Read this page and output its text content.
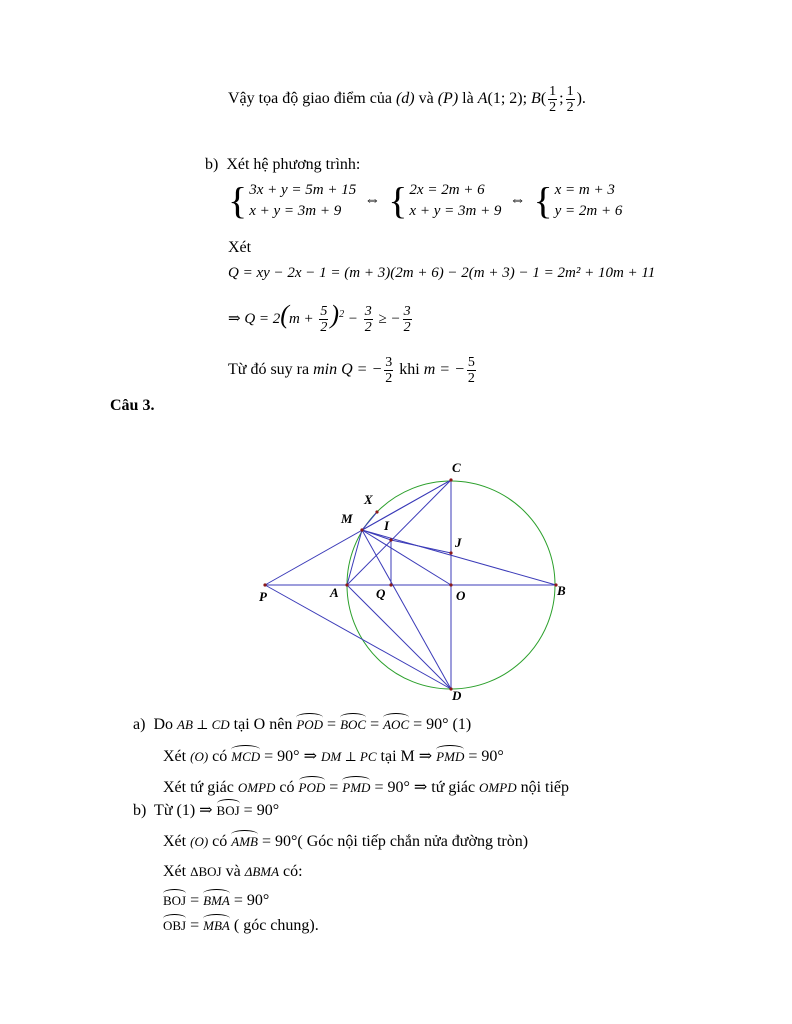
Vậy tọa độ giao điểm của (d) và (P) là A(1; 2); $B( \frac{1}{2}$ ; $\frac{1}{2}$ ).
b) Xét hệ phương trình:
{ 3x + y = 5m + 15
x + y = 3m + 9
⇔ { 2x = 2m + 6
x + y = 3m + 9
⇔ { x = m + 3
y = 2m + 6
Xét
Q = xy − 2x − 1 = (m + 3)(2m + 6) − 2(m + 3) − 1 = 2m² + 10m + 11
⇒ $Q = 2(m + \frac{5}{2} )^2 - \frac{3}{2}$ ≥ − $\frac{3}{2}$
Từ đó suy ra min Q = − $\frac{3}{2}$ khi m = − $\frac{5}{2}$
Câu 3.
C
X
M I
J
P	A	Q	O	B
D
a)  Do AB ⊥ CD tại O nên POD = BOC = AOC = 90° (1)
Xét (O) có MCD = 90° ⇒ DM ⊥ PC tại M ⇒ PMD = 90°
Xét tứ giác OMPD có POD = PMD = 90° ⇒ tứ giác OMPD nội tiếp
b)  Từ (1) ⇒ BOJ = 90°
Xét (O) có AMB = 90°( Góc nội tiếp chắn nửa đường tròn)
Xét ΔBOJ và ΔBMA có:
BOJ = BMA = 90°
OBJ = MBA ( góc chung).
